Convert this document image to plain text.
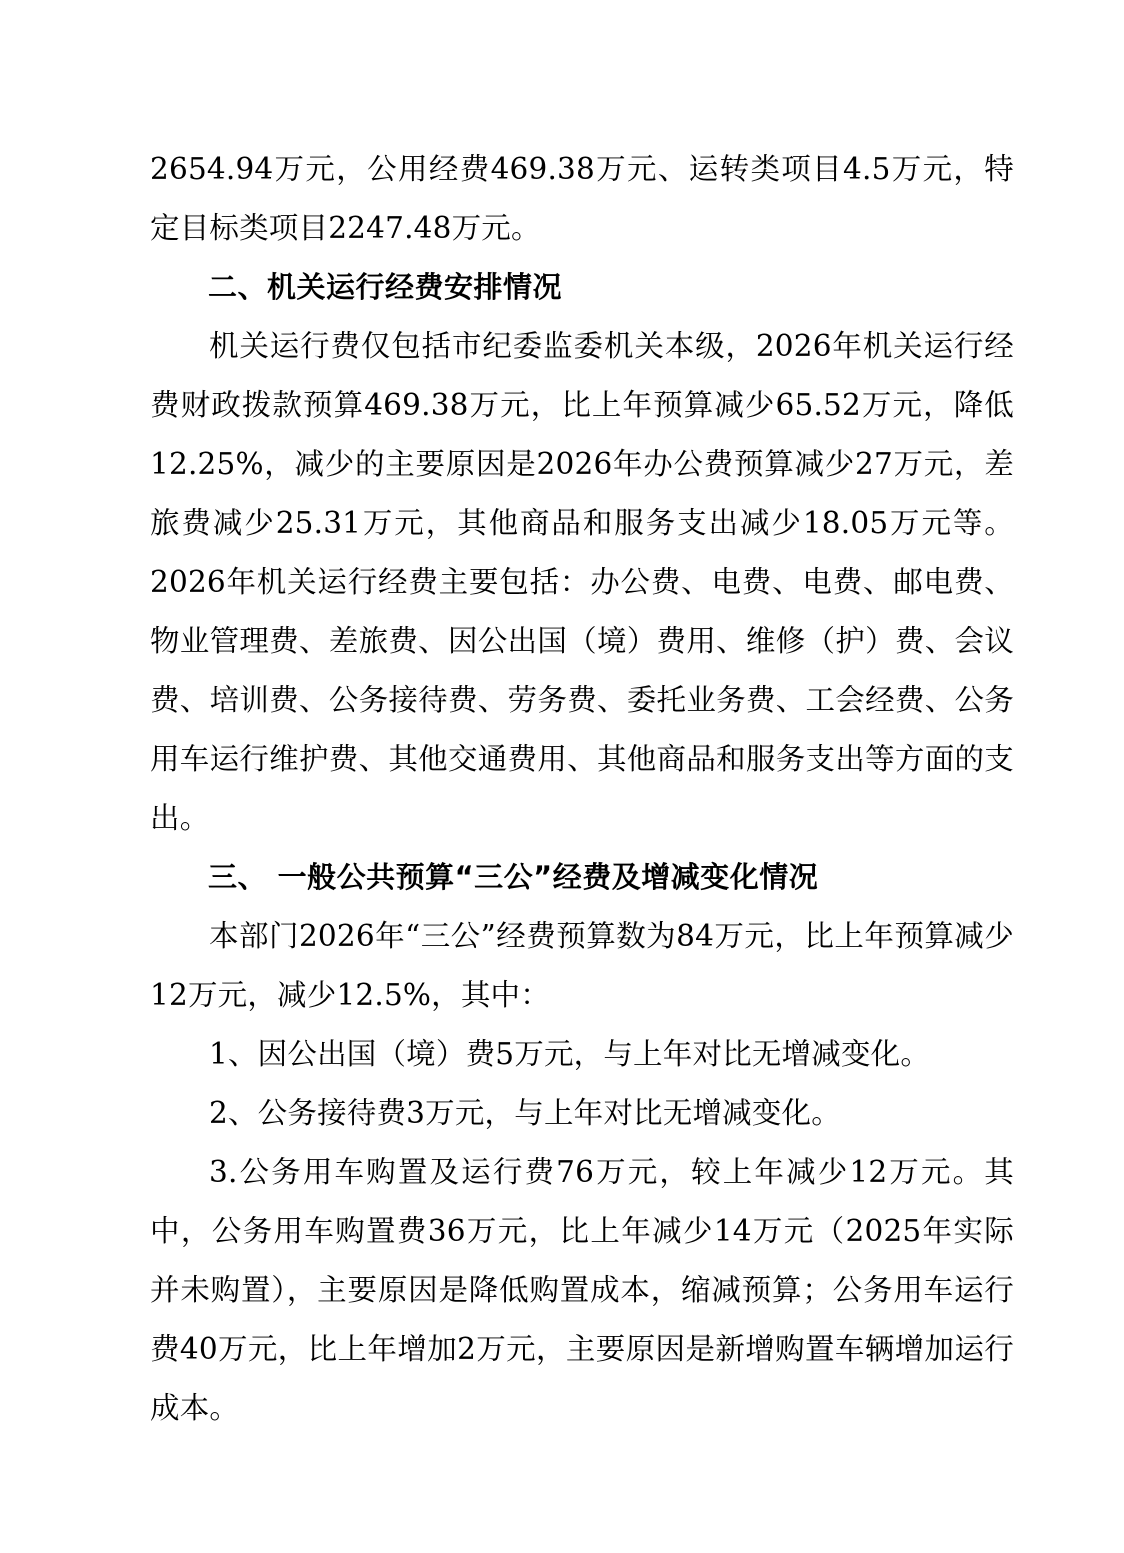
2654.94万元，公用经费469.38万元、运转类项目4.5万元，特定目标类项目2247.48万元。

二、机关运行经费安排情况

机关运行费仅包括市纪委监委机关本级，2026年机关运行经费财政拨款预算469.38万元，比上年预算减少65.52万元，降低12.25%，减少的主要原因是2026年办公费预算减少27万元，差旅费减少25.31万元，其他商品和服务支出减少18.05万元等。2026年机关运行经费主要包括：办公费、电费、电费、邮电费、物业管理费、差旅费、因公出国（境）费用、维修（护）费、会议费、培训费、公务接待费、劳务费、委托业务费、工会经费、公务用车运行维护费、其他交通费用、其他商品和服务支出等方面的支出。

三、 一般公共预算“三公”经费及增减变化情况

本部门2026年“三公”经费预算数为84万元，比上年预算减少12万元，减少12.5%，其中：

1、因公出国（境）费5万元，与上年对比无增减变化。

2、公务接待费3万元，与上年对比无增减变化。

3.公务用车购置及运行费76万元，较上年减少12万元。其中，公务用车购置费36万元，比上年减少14万元（2025年实际并未购置），主要原因是降低购置成本，缩减预算；公务用车运行费40万元，比上年增加2万元，主要原因是新增购置车辆增加运行成本。
